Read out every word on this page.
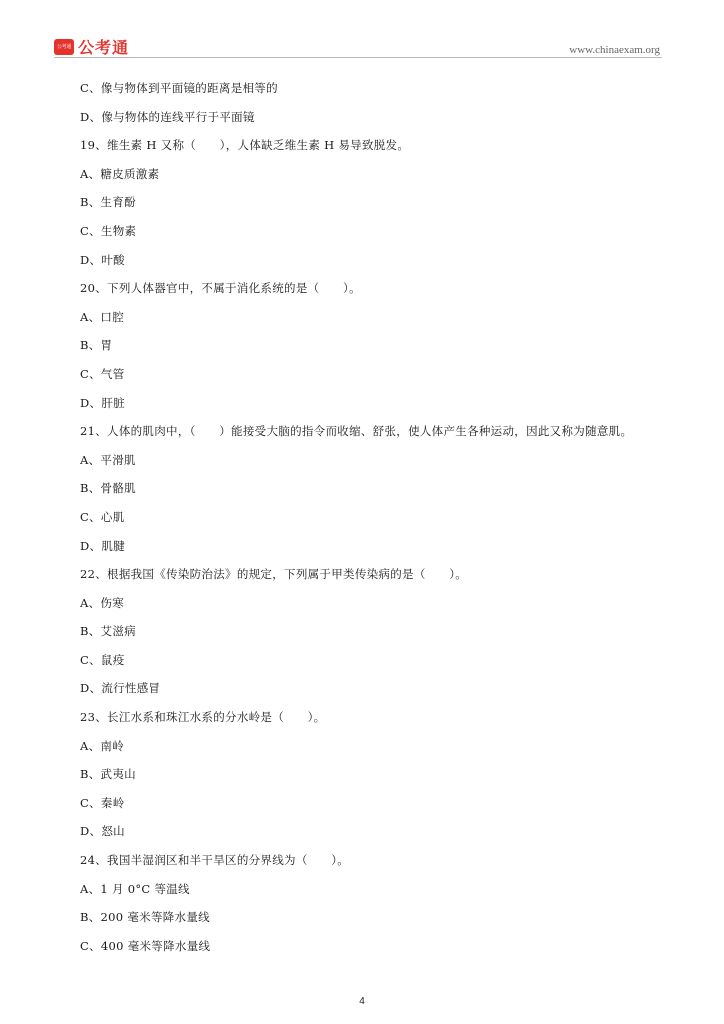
公考通 公考通	www.chinaexam.org
C、像与物体到平面镜的距离是相等的
D、像与物体的连线平行于平面镜
19、维生素 H 又称（　　），人体缺乏维生素 H 易导致脱发。
A、糖皮质激素
B、生育酚
C、生物素
D、叶酸
20、下列人体器官中，不属于消化系统的是（　　）。
A、口腔
B、胃
C、气管
D、肝脏
21、人体的肌肉中，（　　）能接受大脑的指令而收缩、舒张，使人体产生各种运动，因此又称为随意肌。
A、平滑肌
B、骨骼肌
C、心肌
D、肌腱
22、根据我国《传染防治法》的规定，下列属于甲类传染病的是（　　）。
A、伤寒
B、艾滋病
C、鼠疫
D、流行性感冒
23、长江水系和珠江水系的分水岭是（　　）。
A、南岭
B、武夷山
C、秦岭
D、怒山
24、我国半湿润区和半干旱区的分界线为（　　）。
A、1 月 0°C 等温线
B、200 毫米等降水量线
C、400 毫米等降水量线
4
